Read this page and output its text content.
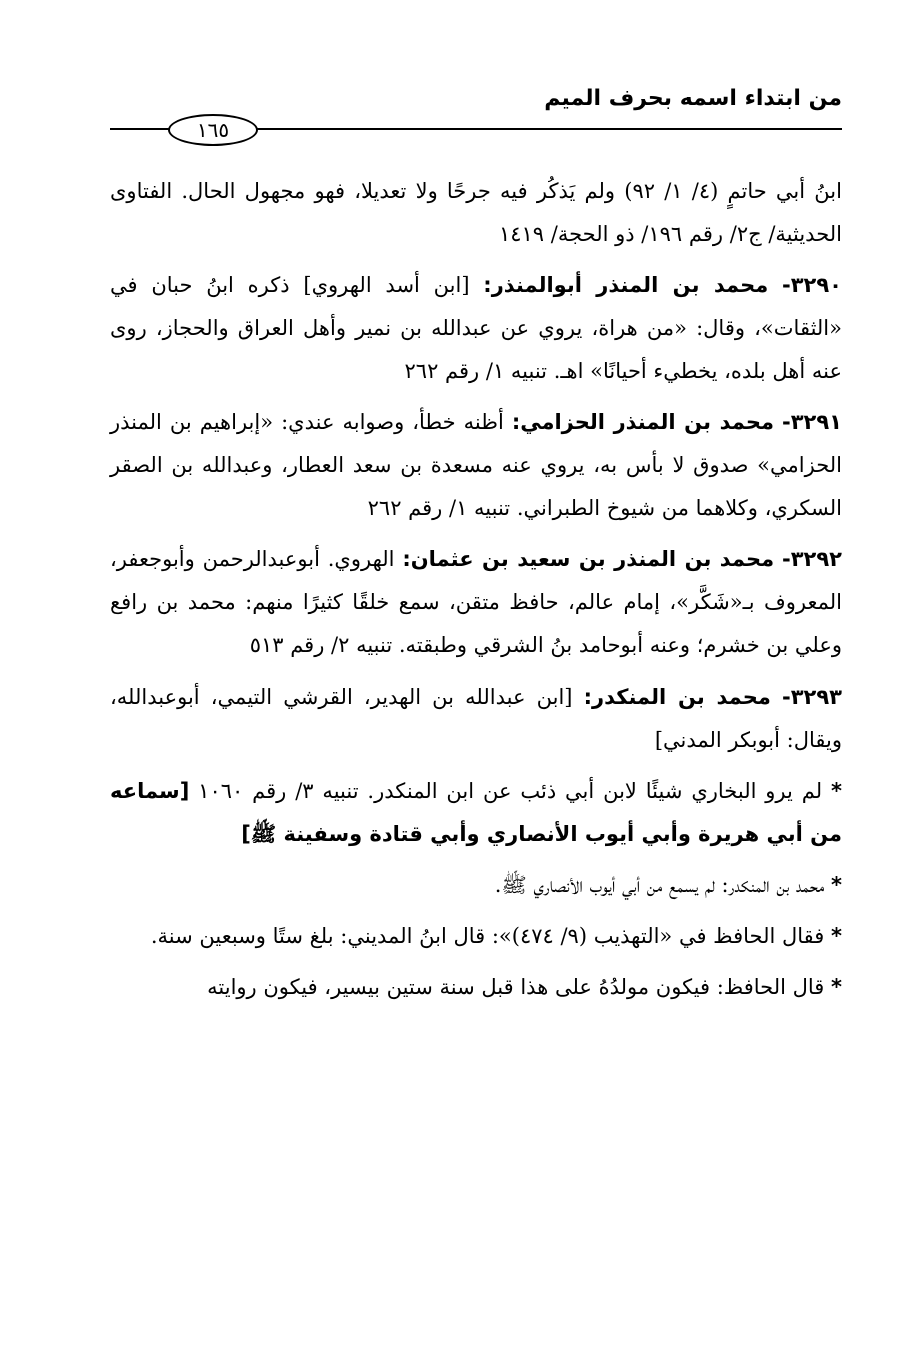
من ابتداء اسمه بحرف الميم
١٦٥

ابنُ أبي حاتمٍ (٤/ ١/ ٩٢) ولم يَذكُر فيه جرحًا ولا تعديلا، فهو مجهول الحال. الفتاوى الحديثية/ ج٢/ رقم ١٩٦/ ذو الحجة/ ١٤١٩

٣٢٩٠- محمد بن المنذر أبوالمنذر: [ابن أسد الهروي] ذكره ابنُ حبان في «الثقات»، وقال: «من هراة، يروي عن عبدالله بن نمير وأهل العراق والحجاز، روى عنه أهل بلده، يخطيء أحيانًا» اهـ. تنبيه ١/ رقم ٢٦٢

٣٢٩١- محمد بن المنذر الحزامي: أظنه خطأ، وصوابه عندي: «إبراهيم بن المنذر الحزامي» صدوق لا بأس به، يروي عنه مسعدة بن سعد العطار، وعبدالله بن الصقر السكري، وكلاهما من شيوخ الطبراني. تنبيه ١/ رقم ٢٦٢

٣٢٩٢- محمد بن المنذر بن سعيد بن عثمان: الهروي. أبوعبدالرحمن وأبوجعفر، المعروف بـ«شَكَّر»، إمام عالم، حافظ متقن، سمع خلقًا كثيرًا منهم: محمد بن رافع وعلي بن خشرم؛ وعنه أبوحامد بنُ الشرقي وطبقته. تنبيه ٢/ رقم ٥١٣

٣٢٩٣- محمد بن المنكدر: [ابن عبدالله بن الهدير، القرشي التيمي، أبوعبدالله، ويقال: أبوبكر المدني]

* لم يرو البخاري شيئًا لابن أبي ذئب عن ابن المنكدر. تنبيه ٣/ رقم ١٠٦٠ [سماعه من أبي هريرة وأبي أيوب الأنصاري وأبي قتادة وسفينة ﷺ]

* محمد بن المنكدر: لم يسمع من أبي أيوب الأنصاري ﷺ.

* فقال الحافظ في «التهذيب (٩/ ٤٧٤)»: قال ابنُ المديني: بلغ ستًا وسبعين سنة.

* قال الحافظ: فيكون مولدُهُ على هذا قبل سنة ستين بيسير، فيكون روايته
